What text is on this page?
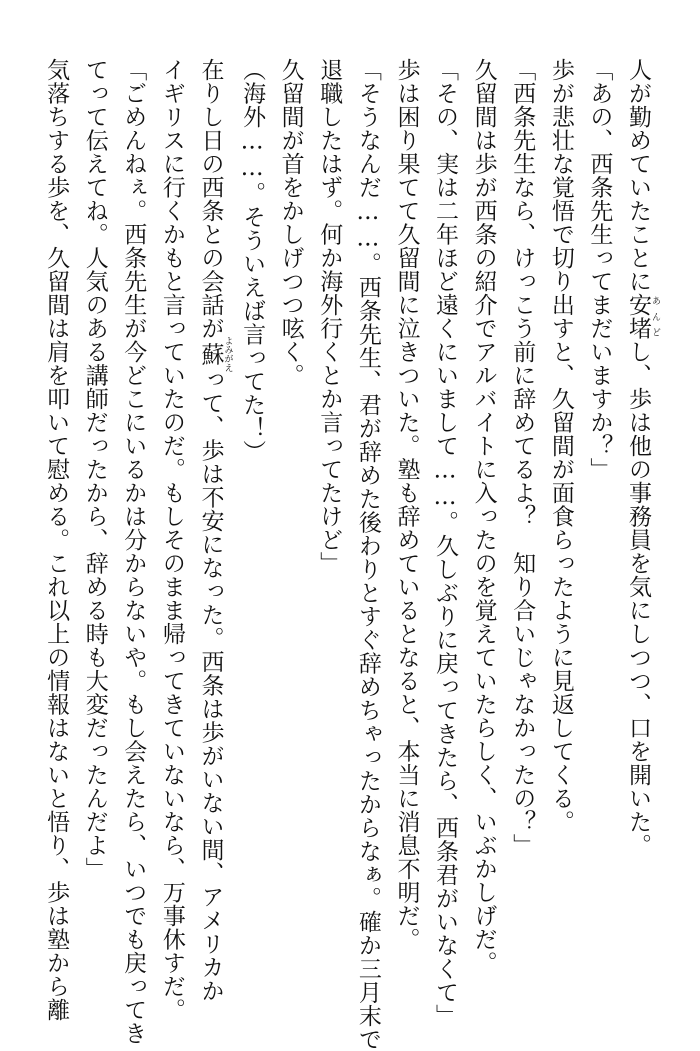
人が勤めていたことに安堵 あんどし、歩は他の事務員を気にしつつ、口を開いた。
「あの、西条先生ってまだいますか？」
歩が悲壮な覚悟で切り出すと、久留間が面食らったように見返してくる。
「西条先生なら、けっこう前に辞めてるよ？　知り合いじゃなかったの？」
久留間は歩が西条の紹介でアルバイトに入ったのを覚えていたらしく、いぶかしげだ。
「その、実は二年ほど遠くにいまして……。久しぶりに戻ってきたら、西条君がいなくて」
歩は困り果てて久留間に泣きついた。塾も辞めているとなると、本当に消息不明だ。
「そうなんだ……。西条先生、君が辞めた後わりとすぐ辞めちゃったからなぁ。確か三月末で
退職したはず。何か海外行くとか言ってたけど」
久留間が首をかしげつつ呟く。
（海外……。そういえば言ってた！）
在りし日の西条との会話が蘇 よみがえって、歩は不安になった。西条は歩がいない間、アメリカか
イギリスに行くかもと言っていたのだ。もしそのまま帰ってきていないなら、万事休すだ。
「ごめんねぇ。西条先生が今どこにいるかは分からないや。もし会えたら、いつでも戻ってき
てって伝えてね。人気のある講師だったから、辞める時も大変だったんだよ」
気落ちする歩を、久留間は肩を叩いて慰める。これ以上の情報はないと悟り、歩は塾から離
